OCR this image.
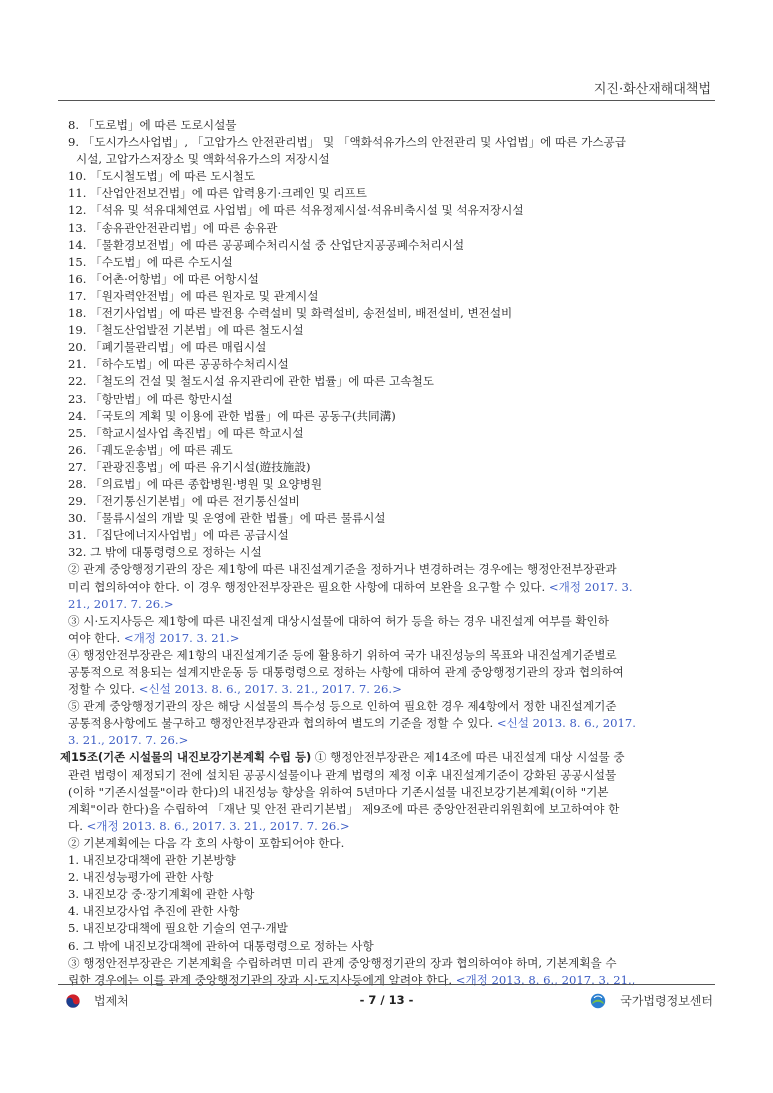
지진·화산재해대책법
8. 「도로법」에 따른 도로시설물
9. 「도시가스사업법」, 「고압가스 안전관리법」 및 「액화석유가스의 안전관리 및 사업법」에 따른 가스공급
시설, 고압가스저장소 및 액화석유가스의 저장시설
10. 「도시철도법」에 따른 도시철도
11. 「산업안전보건법」에 따른 압력용기·크레인 및 리프트
12. 「석유 및 석유대체연료 사업법」에 따른 석유정제시설·석유비축시설 및 석유저장시설
13. 「송유관안전관리법」에 따른 송유관
14. 「물환경보전법」에 따른 공공폐수처리시설 중 산업단지공공폐수처리시설
15. 「수도법」에 따른 수도시설
16. 「어촌·어항법」에 따른 어항시설
17. 「원자력안전법」에 따른 원자로 및 관계시설
18. 「전기사업법」에 따른 발전용 수력설비 및 화력설비, 송전설비, 배전설비, 변전설비
19. 「철도산업발전 기본법」에 따른 철도시설
20. 「폐기물관리법」에 따른 매립시설
21. 「하수도법」에 따른 공공하수처리시설
22. 「철도의 건설 및 철도시설 유지관리에 관한 법률」에 따른 고속철도
23. 「항만법」에 따른 항만시설
24. 「국토의 계획 및 이용에 관한 법률」에 따른 공동구(共同溝)
25. 「학교시설사업 촉진법」에 따른 학교시설
26. 「궤도운송법」에 따른 궤도
27. 「관광진흥법」에 따른 유기시설(遊技施設)
28. 「의료법」에 따른 종합병원·병원 및 요양병원
29. 「전기통신기본법」에 따른 전기통신설비
30. 「물류시설의 개발 및 운영에 관한 법률」에 따른 물류시설
31. 「집단에너지사업법」에 따른 공급시설
32. 그 밖에 대통령령으로 정하는 시설
② 관계 중앙행정기관의 장은 제1항에 따른 내진설계기준을 정하거나 변경하려는 경우에는 행정안전부장관과
미리 협의하여야 한다. 이 경우 행정안전부장관은 필요한 사항에 대하여 보완을 요구할 수 있다. <개정 2017. 3.
21., 2017. 7. 26.>
③ 시·도지사등은 제1항에 따른 내진설계 대상시설물에 대하여 허가 등을 하는 경우 내진설계 여부를 확인하
여야 한다. <개정 2017. 3. 21.>
④ 행정안전부장관은 제1항의 내진설계기준 등에 활용하기 위하여 국가 내진성능의 목표와 내진설계기준별로
공통적으로 적용되는 설계지반운동 등 대통령령으로 정하는 사항에 대하여 관계 중앙행정기관의 장과 협의하여
정할 수 있다. <신설 2013. 8. 6., 2017. 3. 21., 2017. 7. 26.>
⑤ 관계 중앙행정기관의 장은 해당 시설물의 특수성 등으로 인하여 필요한 경우 제4항에서 정한 내진설계기준
공통적용사항에도 불구하고 행정안전부장관과 협의하여 별도의 기준을 정할 수 있다. <신설 2013. 8. 6., 2017.
3. 21., 2017. 7. 26.>
제15조(기존 시설물의 내진보강기본계획 수립 등) ① 행정안전부장관은 제14조에 따른 내진설계 대상 시설물 중
관련 법령이 제정되기 전에 설치된 공공시설물이나 관계 법령의 제정 이후 내진설계기준이 강화된 공공시설물
(이하 "기존시설물"이라 한다)의 내진성능 향상을 위하여 5년마다 기존시설물 내진보강기본계획(이하 "기본
계획"이라 한다)을 수립하여 「재난 및 안전 관리기본법」 제9조에 따른 중앙안전관리위원회에 보고하여야 한
다. <개정 2013. 8. 6., 2017. 3. 21., 2017. 7. 26.>
② 기본계획에는 다음 각 호의 사항이 포함되어야 한다.
1. 내진보강대책에 관한 기본방향
2. 내진성능평가에 관한 사항
3. 내진보강 중·장기계획에 관한 사항
4. 내진보강사업 추진에 관한 사항
5. 내진보강대책에 필요한 기술의 연구·개발
6. 그 밖에 내진보강대책에 관하여 대통령령으로 정하는 사항
③ 행정안전부장관은 기본계획을 수립하려면 미리 관계 중앙행정기관의 장과 협의하여야 하며, 기본계획을 수
립한 경우에는 이를 관계 중앙행정기관의 장과 시·도지사등에게 알려야 한다. <개정 2013. 8. 6., 2017. 3. 21.,
법제처	- 7 / 13 -	국가법령정보센터
